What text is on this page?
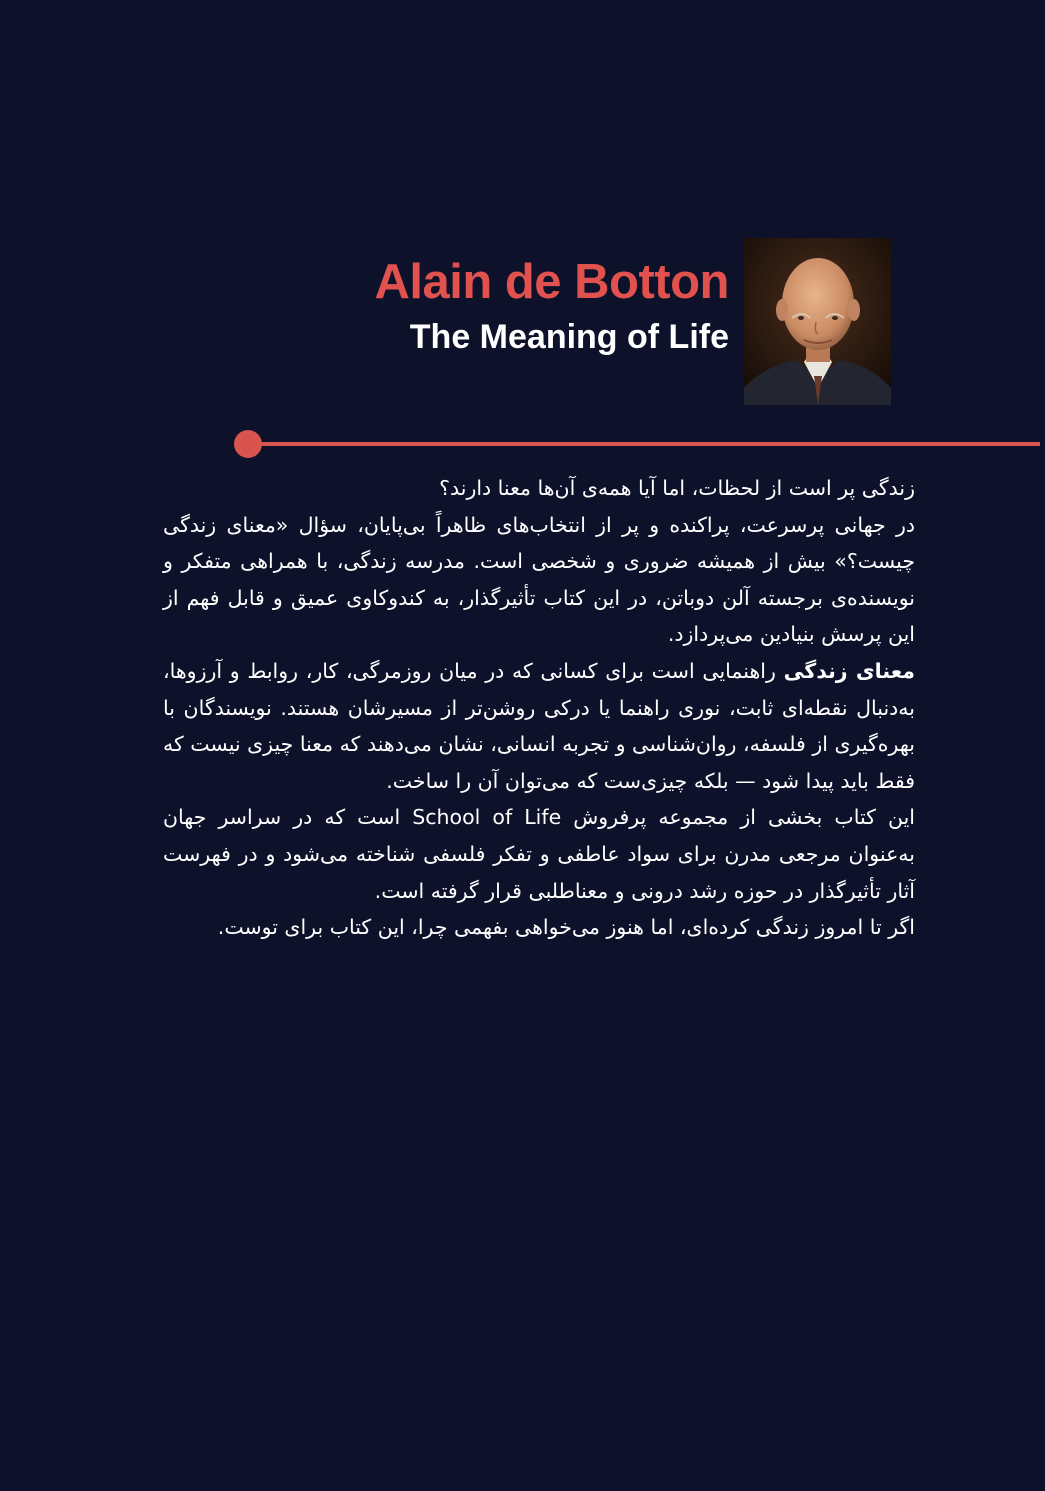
Alain de Botton
The Meaning of Life

زندگی پر است از لحظات، اما آیا همه‌ی آن‌ها معنا دارند؟

در جهانی پرسرعت، پراکنده و پر از انتخاب‌های ظاهراً بی‌پایان، سؤال «معنای زندگی چیست؟» بیش از همیشه ضروری و شخصی است. مدرسه زندگی، با همراهی متفکر و نویسنده‌ی برجسته آلن دوباتن، در این کتاب تأثیرگذار، به کندوکاوی عمیق و قابل فهم از این پرسش بنیادین می‌پردازد.

معنای زندگی راهنمایی است برای کسانی که در میان روزمرگی، کار، روابط و آرزوها، به‌دنبال نقطه‌ای ثابت، نوری راهنما یا درکی روشن‌تر از مسیرشان هستند. نویسندگان با بهره‌گیری از فلسفه، روان‌شناسی و تجربه انسانی، نشان می‌دهند که معنا چیزی نیست که فقط باید پیدا شود — بلکه چیزی‌ست که می‌توان آن را ساخت.

این کتاب بخشی از مجموعه پرفروش School of Life است که در سراسر جهان به‌عنوان مرجعی مدرن برای سواد عاطفی و تفکر فلسفی شناخته می‌شود و در فهرست آثار تأثیرگذار در حوزه رشد درونی و معناطلبی قرار گرفته است.

اگر تا امروز زندگی کرده‌ای، اما هنوز می‌خواهی بفهمی چرا، این کتاب برای توست.
